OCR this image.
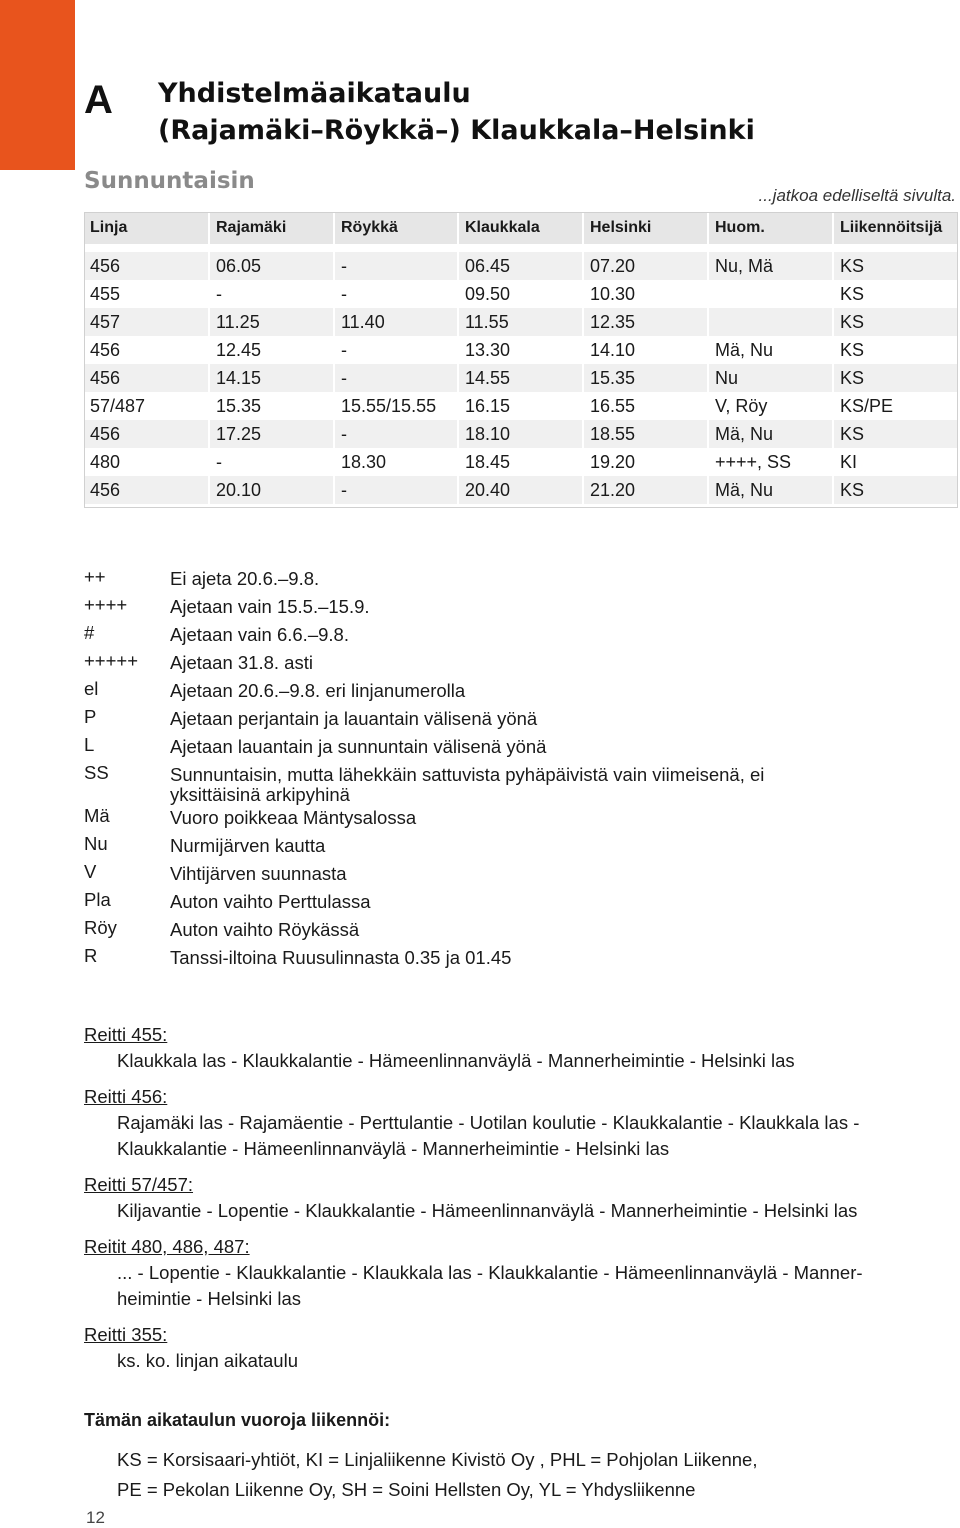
A Yhdistelmäaikataulu
(Rajamäki–Röykkä–) Klaukkala–Helsinki
Sunnuntaisin
...jatkoa edelliseltä sivulta.
Linja	Rajamäki	Röykkä	Klaukkala	Helsinki	Huom.	Liikennöitsijä

456	06.05	-	06.45	07.20	Nu, Mä	KS
455	-	-	09.50	10.30		KS
457	11.25	11.40	11.55	12.35		KS
456	12.45	-	13.30	14.10	Mä, Nu	KS
456	14.15	-	14.55	15.35	Nu	KS
57/487	15.35	15.55/15.55	16.15	16.55	V, Röy	KS/PE
456	17.25	-	18.10	18.55	Mä, Nu	KS
480	-	18.30	18.45	19.20	++++, SS	KI
456	20.10	-	20.40	21.20	Mä, Nu	KS
++	Ei ajeta 20.6.–9.8.
++++	Ajetaan vain 15.5.–15.9.
#	Ajetaan vain 6.6.–9.8.
+++++	Ajetaan 31.8. asti
el	Ajetaan 20.6.–9.8. eri linjanumerolla
P	Ajetaan perjantain ja lauantain välisenä yönä
L	Ajetaan lauantain ja sunnuntain välisenä yönä
SS	Sunnuntaisin, mutta lähekkäin sattuvista pyhäpäivistä vain viimeisenä, ei yksittäisinä arkipyhinä
Mä	Vuoro poikkeaa Mäntysalossa
Nu	Nurmijärven kautta
V	Vihtijärven suunnasta
Pla	Auton vaihto Perttulassa
Röy	Auton vaihto Röykässä
R	Tanssi-iltoina Ruusulinnasta 0.35 ja 01.45
Reitti 455:
Klaukkala las - Klaukkalantie - Hämeenlinnanväylä - Mannerheimintie - Helsinki las
Reitti 456:
Rajamäki las - Rajamäentie - Perttulantie - Uotilan koulutie - Klaukkalantie - Klaukkala las -
Klaukkalantie - Hämeenlinnanväylä - Mannerheimintie - Helsinki las
Reitti 57/457:
Kiljavantie - Lopentie - Klaukkalantie - Hämeenlinnanväylä - Mannerheimintie - Helsinki las
Reitit 480, 486, 487:
... - Lopentie - Klaukkalantie - Klaukkala las - Klaukkalantie - Hämeenlinnanväylä - Manner-
heimintie - Helsinki las
Reitti 355:
ks. ko. linjan aikataulu
Tämän aikataulun vuoroja liikennöi:
KS = Korsisaari-yhtiöt, KI = Linjaliikenne Kivistö Oy , PHL = Pohjolan Liikenne,
PE = Pekolan Liikenne Oy, SH = Soini Hellsten Oy, YL = Yhdysliikenne
12
